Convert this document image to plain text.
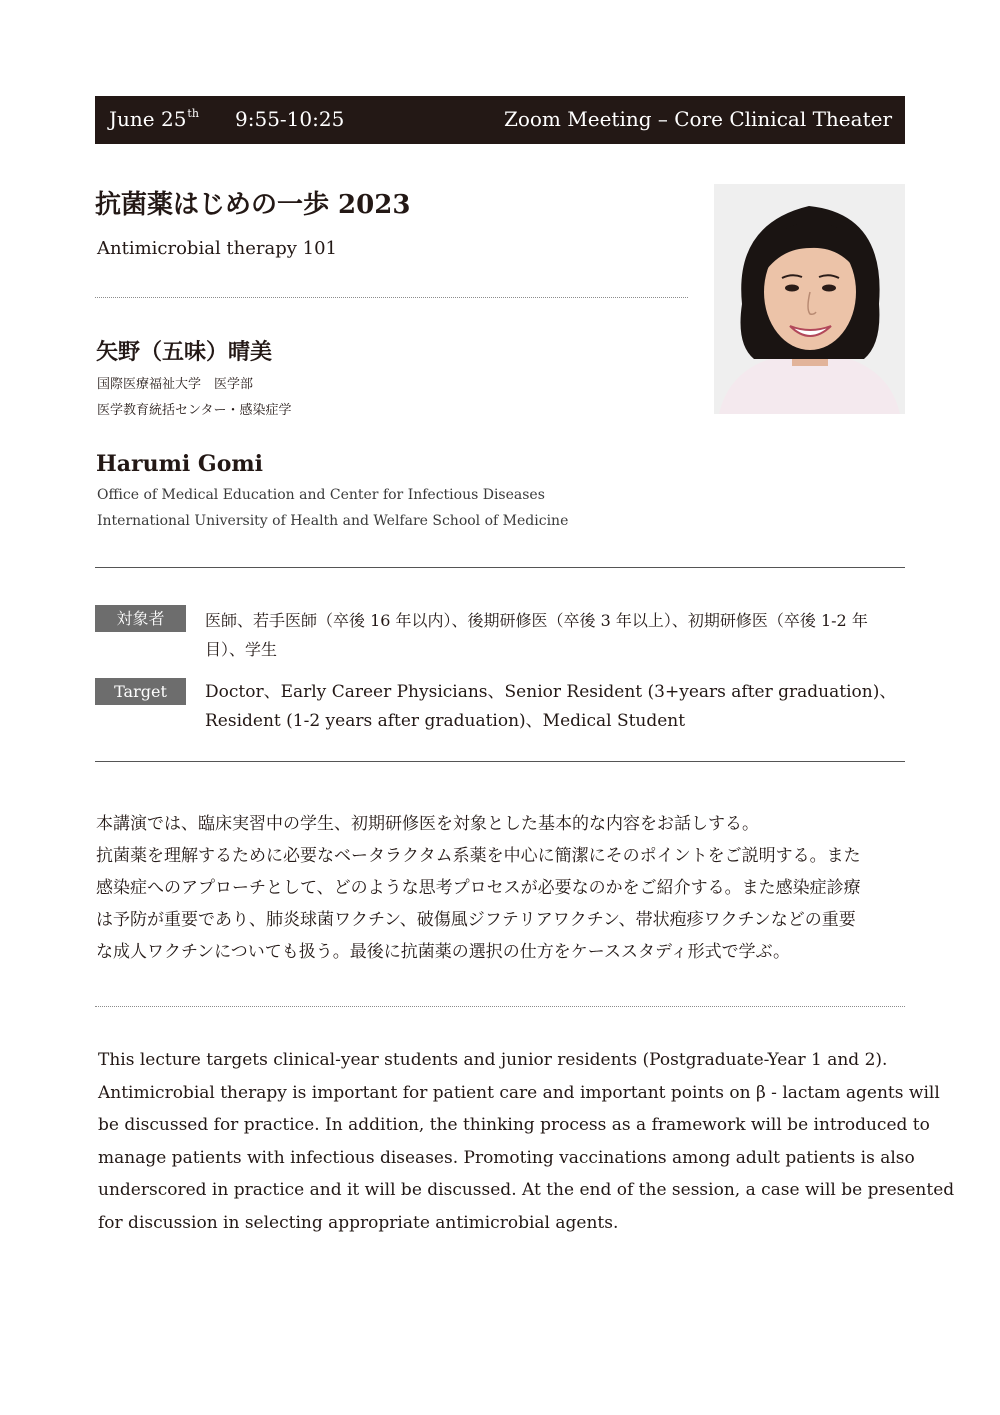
June 25th 9:55-10:25	Zoom Meeting – Core Clinical Theater
抗菌薬はじめの一歩 2023
Antimicrobial therapy 101
矢野（五味）晴美
国際医療福祉大学　医学部
医学教育統括センター・感染症学
Harumi Gomi
Office of Medical Education and Center for Infectious Diseases
International University of Health and Welfare School of Medicine
対象者	医師、若手医師（卒後 16 年以内）、後期研修医（卒後 3 年以上）、初期研修医（卒後 1-2 年目）、学生
Target	Doctor、Early Career Physicians、Senior Resident (3+years after graduation)、Resident (1-2 years after graduation)、Medical Student

本講演では、臨床実習中の学生、初期研修医を対象とした基本的な内容をお話しする。

抗菌薬を理解するために必要なベータラクタム系薬を中心に簡潔にそのポイントをご説明する。また

感染症へのアプローチとして、どのような思考プロセスが必要なのかをご紹介する。また感染症診療

は予防が重要であり、肺炎球菌ワクチン、破傷風ジフテリアワクチン、帯状疱疹ワクチンなどの重要

な成人ワクチンについても扱う。最後に抗菌薬の選択の仕方をケーススタディ形式で学ぶ。

This lecture targets clinical-year students and junior residents (Postgraduate-Year 1 and 2).

Antimicrobial therapy is important for patient care and important points on β - lactam agents will

be discussed for practice. In addition, the thinking process as a framework will be introduced to

manage patients with infectious diseases. Promoting vaccinations among adult patients is also

underscored in practice and it will be discussed. At the end of the session, a case will be presented

for discussion in selecting appropriate antimicrobial agents.
